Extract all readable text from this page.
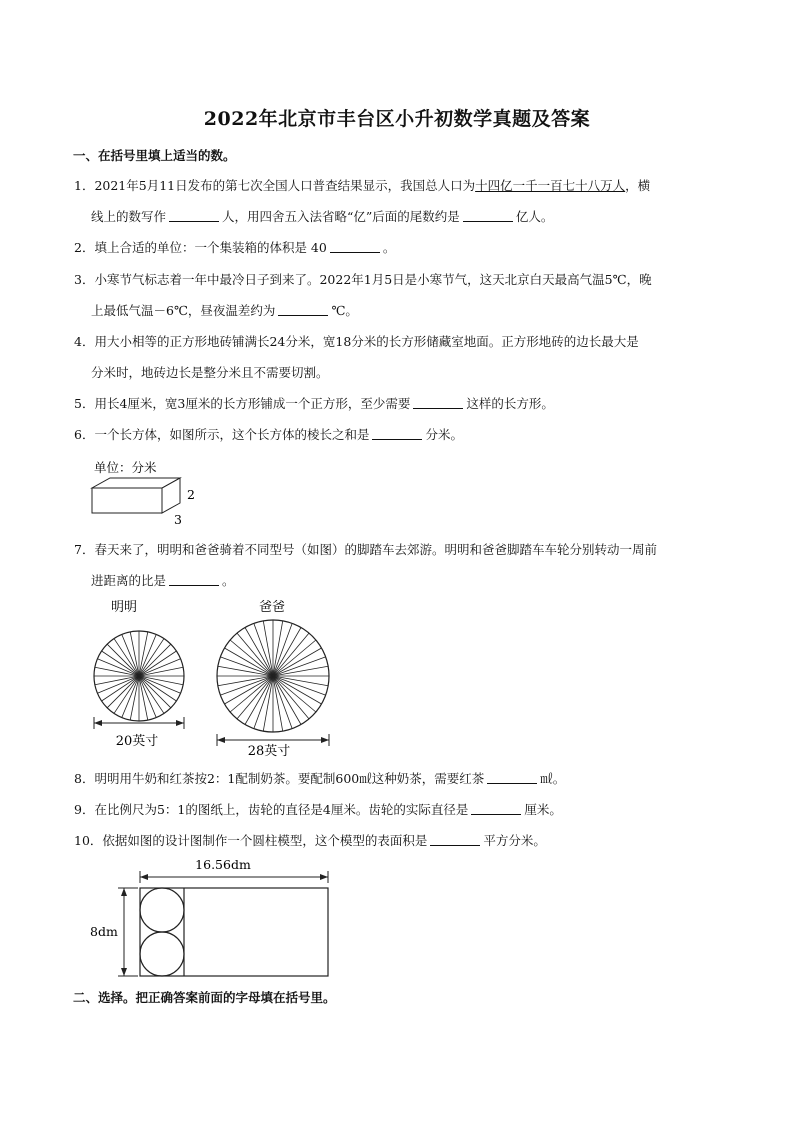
2022年北京市丰台区小升初数学真题及答案
一、在括号里填上适当的数。
1．2021年5月11日发布的第七次全国人口普查结果显示，我国总人口为十四亿一千一百七十八万人，横
线上的数写作	人，用四舍五入法省略“亿”后面的尾数约是	亿人。
2．填上合适的单位：一个集装箱的体积是 40	。
3．小寒节气标志着一年中最冷日子到来了。2022年1月5日是小寒节气，这天北京白天最高气温5℃，晚
上最低气温－6℃，昼夜温差约为	℃。
4．用大小相等的正方形地砖铺满长24分米，宽18分米的长方形储藏室地面。正方形地砖的边长最大是
分米时，地砖边长是整分米且不需要切割。
5．用长4厘米，宽3厘米的长方形铺成一个正方形，至少需要	这样的长方形。
6．一个长方体，如图所示，这个长方体的棱长之和是	分米。
单位：分米
2
3
7．春天来了，明明和爸爸骑着不同型号（如图）的脚踏车去郊游。明明和爸爸脚踏车车轮分别转动一周前
进距离的比是	。
明明	爸爸
20英寸
28英寸
8．明明用牛奶和红茶按2：1配制奶茶。要配制600㎖这种奶茶，需要红茶	㎖。
9．在比例尺为5：1的图纸上，齿轮的直径是4厘米。齿轮的实际直径是	厘米。
10．依据如图的设计图制作一个圆柱模型，这个模型的表面积是	平方分米。
16.56dm
8dm
二、选择。把正确答案前面的字母填在括号里。
